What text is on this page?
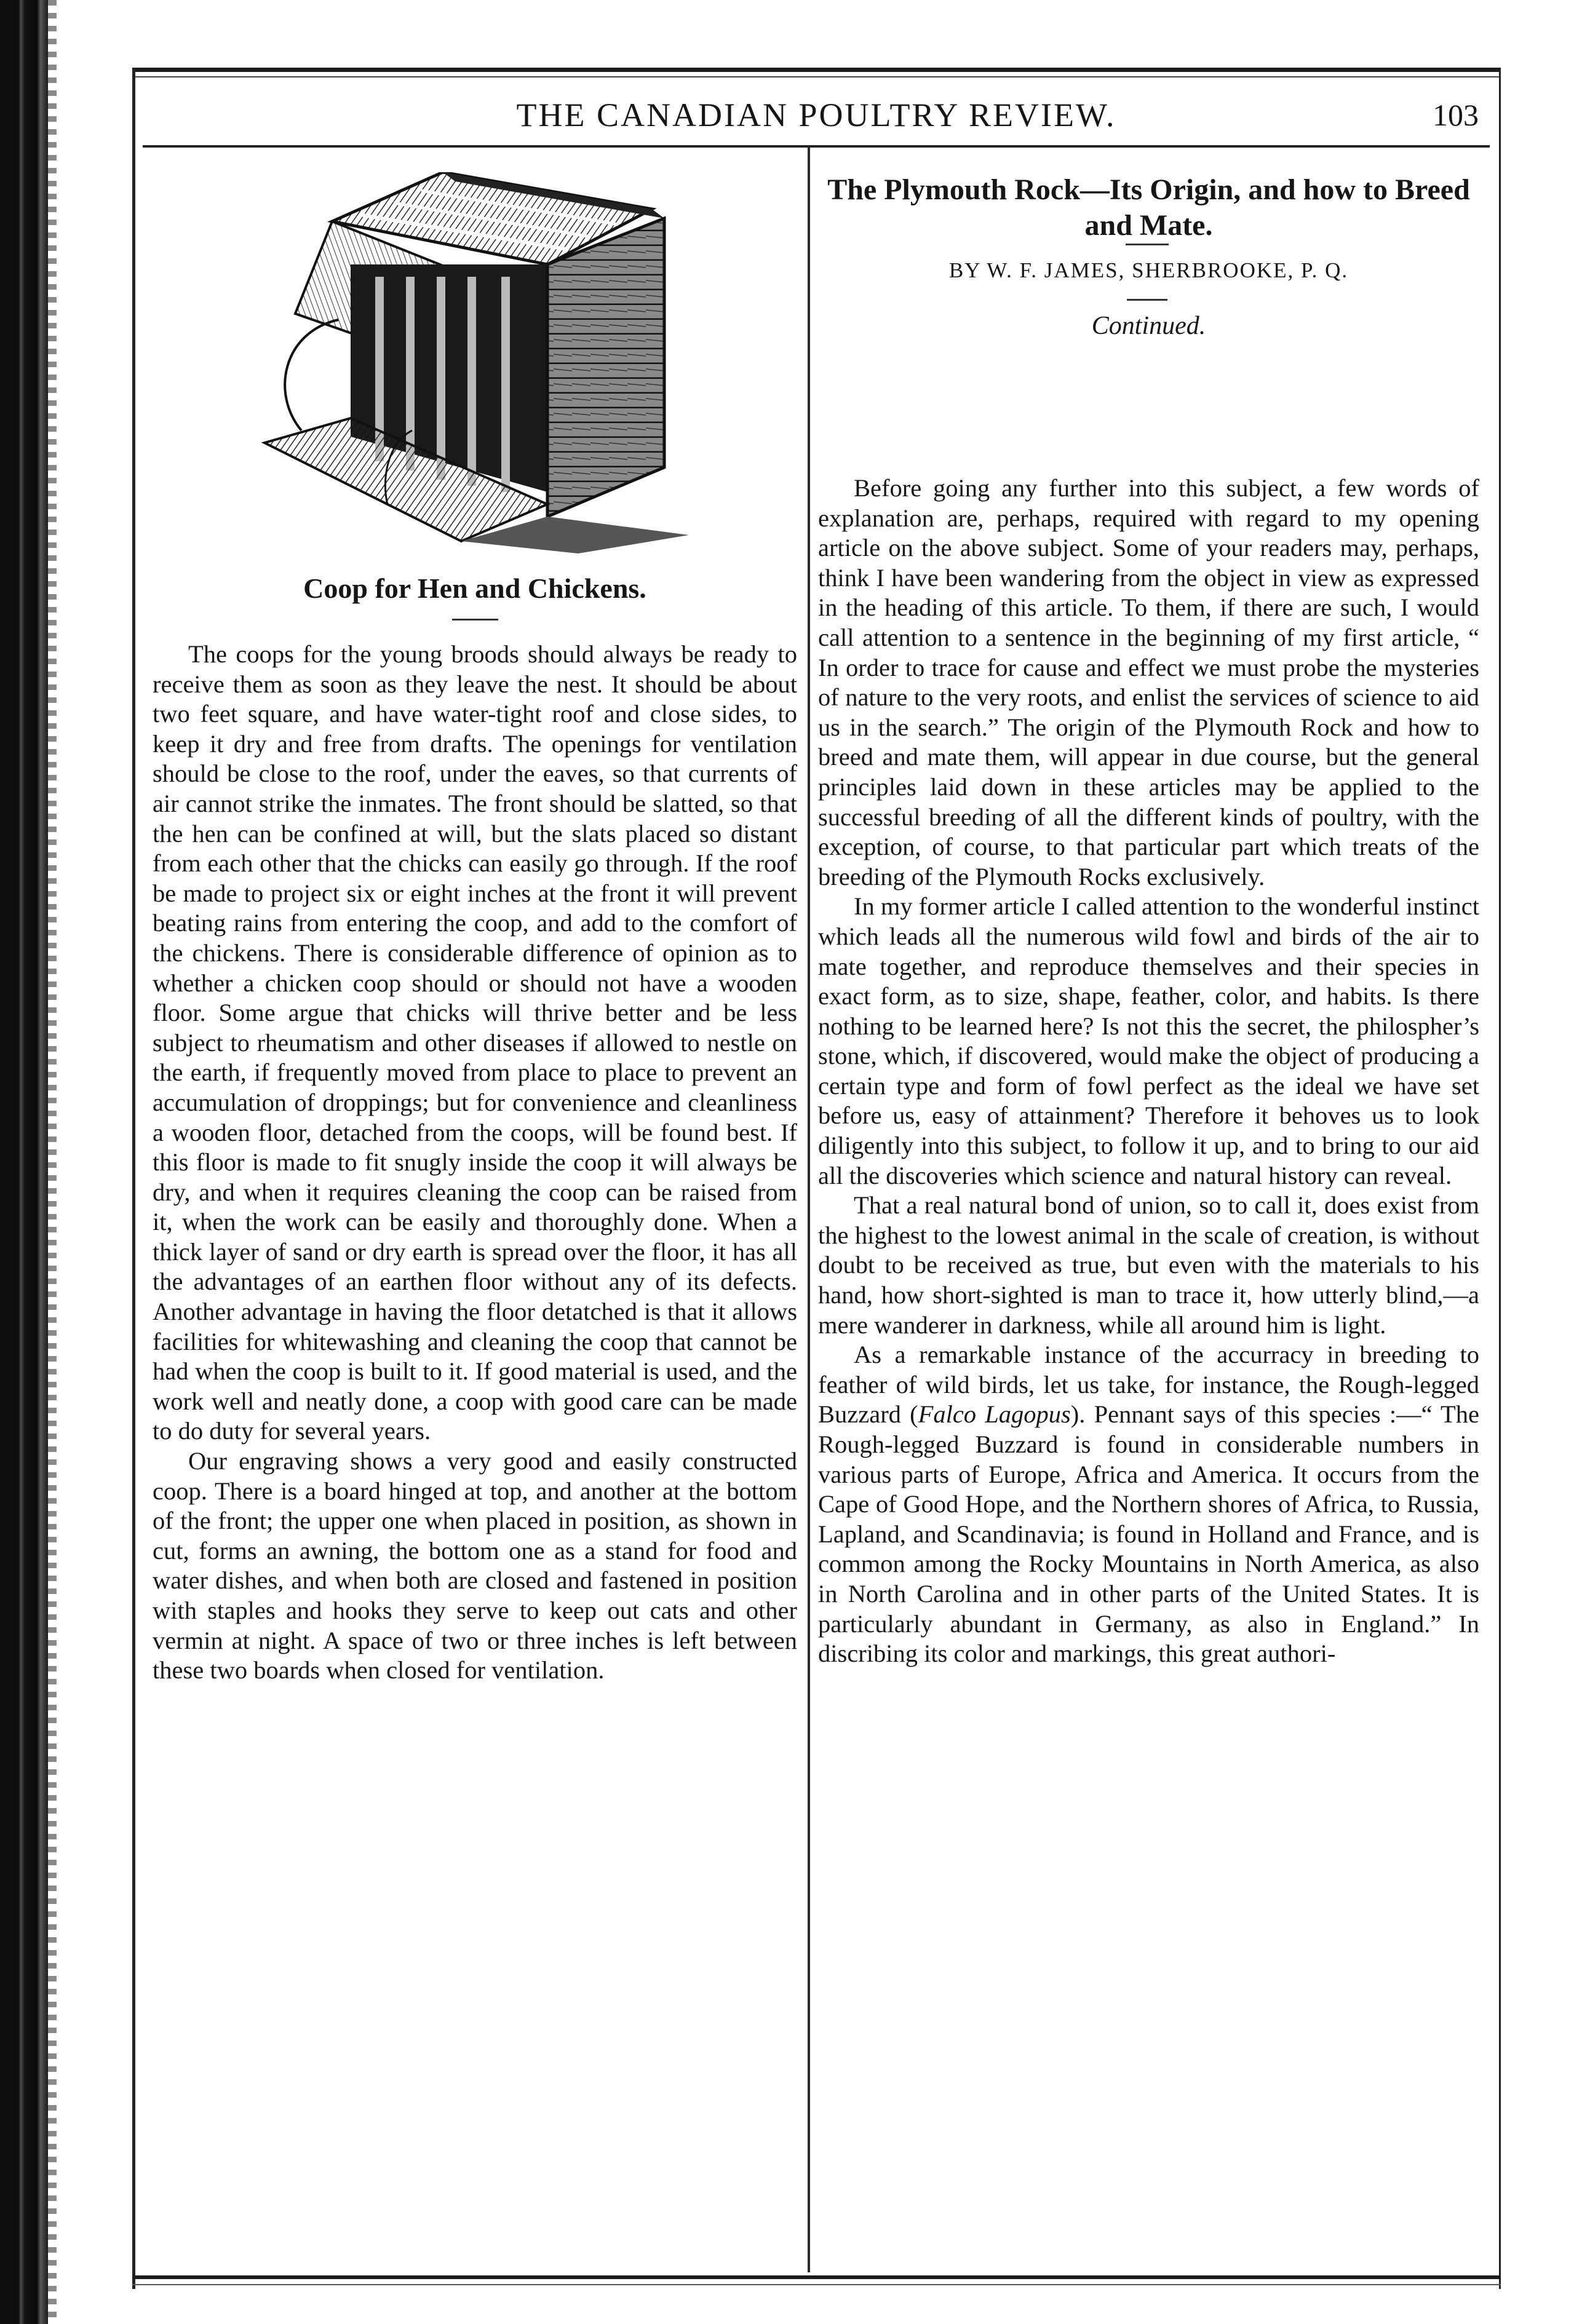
THE CANADIAN POULTRY REVIEW.	103
Coop for Hen and Chickens.

The coops for the young broods should always be ready to receive them as soon as they leave the nest. It should be about two feet square, and have water-tight roof and close sides, to keep it dry and free from drafts. The openings for ventilation should be close to the roof, under the eaves, so that currents of air cannot strike the inmates. The front should be slatted, so that the hen can be confined at will, but the slats placed so distant from each other that the chicks can easily go through. If the roof be made to project six or eight inches at the front it will prevent beating rains from entering the coop, and add to the comfort of the chickens. There is considerable difference of opinion as to whether a chicken coop should or should not have a wooden floor. Some argue that chicks will thrive better and be less subject to rheumatism and other diseases if allowed to nestle on the earth, if frequently moved from place to place to prevent an accumulation of droppings; but for convenience and cleanliness a wooden floor, detached from the coops, will be found best. If this floor is made to fit snugly inside the coop it will always be dry, and when it requires cleaning the coop can be raised from it, when the work can be easily and thoroughly done. When a thick layer of sand or dry earth is spread over the floor, it has all the advantages of an earthen floor without any of its defects. Another advantage in having the floor detatched is that it allows facilities for whitewashing and cleaning the coop that cannot be had when the coop is built to it. If good material is used, and the work well and neatly done, a coop with good care can be made to do duty for several years.

Our engraving shows a very good and easily constructed coop. There is a board hinged at top, and another at the bottom of the front; the upper one when placed in position, as shown in cut, forms an awning, the bottom one as a stand for food and water dishes, and when both are closed and fastened in position with staples and hooks they serve to keep out cats and other vermin at night. A space of two or three inches is left between these two boards when closed for ventilation.

The Plymouth Rock—Its Origin, and how to Breed and Mate.
BY W. F. JAMES, SHERBROOKE, P. Q.
Continued.

Before going any further into this subject, a few words of explanation are, perhaps, required with regard to my opening article on the above subject. Some of your readers may, perhaps, think I have been wandering from the object in view as expressed in the heading of this article. To them, if there are such, I would call attention to a sentence in the beginning of my first article, “ In order to trace for cause and effect we must probe the mysteries of nature to the very roots, and enlist the services of science to aid us in the search.” The origin of the Plymouth Rock and how to breed and mate them, will appear in due course, but the general principles laid down in these articles may be applied to the successful breeding of all the different kinds of poultry, with the exception, of course, to that particular part which treats of the breeding of the Plymouth Rocks exclusively.

In my former article I called attention to the wonderful instinct which leads all the numerous wild fowl and birds of the air to mate together, and reproduce themselves and their species in exact form, as to size, shape, feather, color, and habits. Is there nothing to be learned here? Is not this the secret, the philospher’s stone, which, if discovered, would make the object of producing a certain type and form of fowl perfect as the ideal we have set before us, easy of attainment? Therefore it behoves us to look diligently into this subject, to follow it up, and to bring to our aid all the discoveries which science and natural history can reveal.

That a real natural bond of union, so to call it, does exist from the highest to the lowest animal in the scale of creation, is without doubt to be received as true, but even with the materials to his hand, how short-sighted is man to trace it, how utterly blind,—a mere wanderer in darkness, while all around him is light.

As a remarkable instance of the accurracy in breeding to feather of wild birds, let us take, for instance, the Rough-legged Buzzard (Falco Lagopus). Pennant says of this species :—“ The Rough-legged Buzzard is found in considerable numbers in various parts of Europe, Africa and America. It occurs from the Cape of Good Hope, and the Northern shores of Africa, to Russia, Lapland, and Scandinavia; is found in Holland and France, and is common among the Rocky Mountains in North America, as also in North Carolina and in other parts of the United States. It is particularly abundant in Germany, as also in England.” In discribing its color and markings, this great authori-
